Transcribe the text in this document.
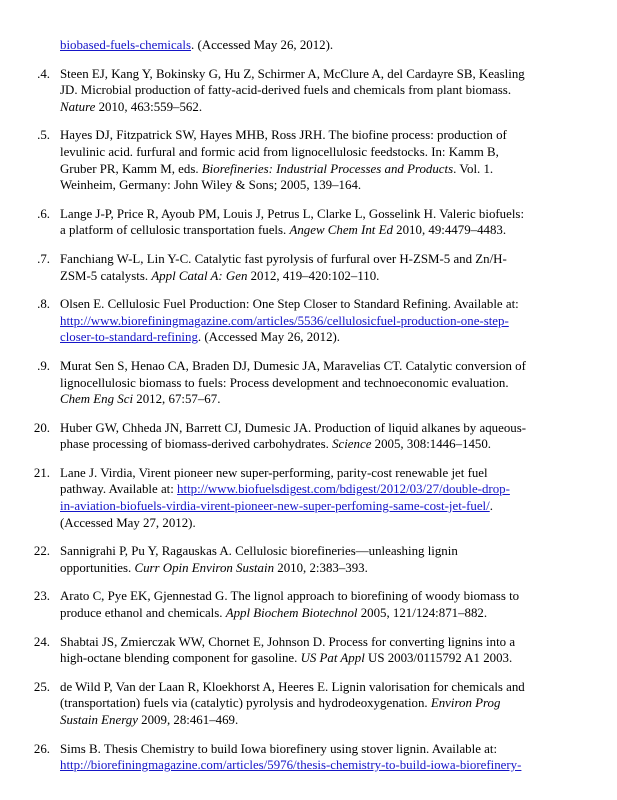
biobased-fuels-chemicals. (Accessed May 26, 2012).
.4. Steen EJ, Kang Y, Bokinsky G, Hu Z, Schirmer A, McClure A, del Cardayre SB, Keasling
JD. Microbial production of fatty-acid-derived fuels and chemicals from plant biomass.
Nature 2010, 463:559–562.
.5. Hayes DJ, Fitzpatrick SW, Hayes MHB, Ross JRH. The biofine process: production of
levulinic acid. furfural and formic acid from lignocellulosic feedstocks. In: Kamm B,
Gruber PR, Kamm M, eds. Biorefineries: Industrial Processes and Products. Vol. 1.
Weinheim, Germany: John Wiley & Sons; 2005, 139–164.
.6. Lange J-P, Price R, Ayoub PM, Louis J, Petrus L, Clarke L, Gosselink H. Valeric biofuels:
a platform of cellulosic transportation fuels. Angew Chem Int Ed 2010, 49:4479–4483.
.7. Fanchiang W-L, Lin Y-C. Catalytic fast pyrolysis of furfural over H-ZSM-5 and Zn/H-
ZSM-5 catalysts. Appl Catal A: Gen 2012, 419–420:102–110.
.8. Olsen E. Cellulosic Fuel Production: One Step Closer to Standard Refining. Available at:
http://www.biorefiningmagazine.com/articles/5536/cellulosicfuel-production-one-step-
closer-to-standard-refining. (Accessed May 26, 2012).
.9. Murat Sen S, Henao CA, Braden DJ, Dumesic JA, Maravelias CT. Catalytic conversion of
lignocellulosic biomass to fuels: Process development and technoeconomic evaluation.
Chem Eng Sci 2012, 67:57–67.
20. Huber GW, Chheda JN, Barrett CJ, Dumesic JA. Production of liquid alkanes by aqueous-
phase processing of biomass-derived carbohydrates. Science 2005, 308:1446–1450.
21. Lane J. Virdia, Virent pioneer new super-performing, parity-cost renewable jet fuel
pathway. Available at: http://www.biofuelsdigest.com/bdigest/2012/03/27/double-drop-
in-aviation-biofuels-virdia-virent-pioneer-new-super-perfoming-same-cost-jet-fuel/.
(Accessed May 27, 2012).
22. Sannigrahi P, Pu Y, Ragauskas A. Cellulosic biorefineries—unleashing lignin
opportunities. Curr Opin Environ Sustain 2010, 2:383–393.
23. Arato C, Pye EK, Gjennestad G. The lignol approach to biorefining of woody biomass to
produce ethanol and chemicals. Appl Biochem Biotechnol 2005, 121/124:871–882.
24. Shabtai JS, Zmierczak WW, Chornet E, Johnson D. Process for converting lignins into a
high-octane blending component for gasoline. US Pat Appl US 2003/0115792 A1 2003.
25. de Wild P, Van der Laan R, Kloekhorst A, Heeres E. Lignin valorisation for chemicals and
(transportation) fuels via (catalytic) pyrolysis and hydrodeoxygenation. Environ Prog
Sustain Energy 2009, 28:461–469.
26. Sims B. Thesis Chemistry to build Iowa biorefinery using stover lignin. Available at:
http://biorefiningmagazine.com/articles/5976/thesis-chemistry-to-build-iowa-biorefinery-
